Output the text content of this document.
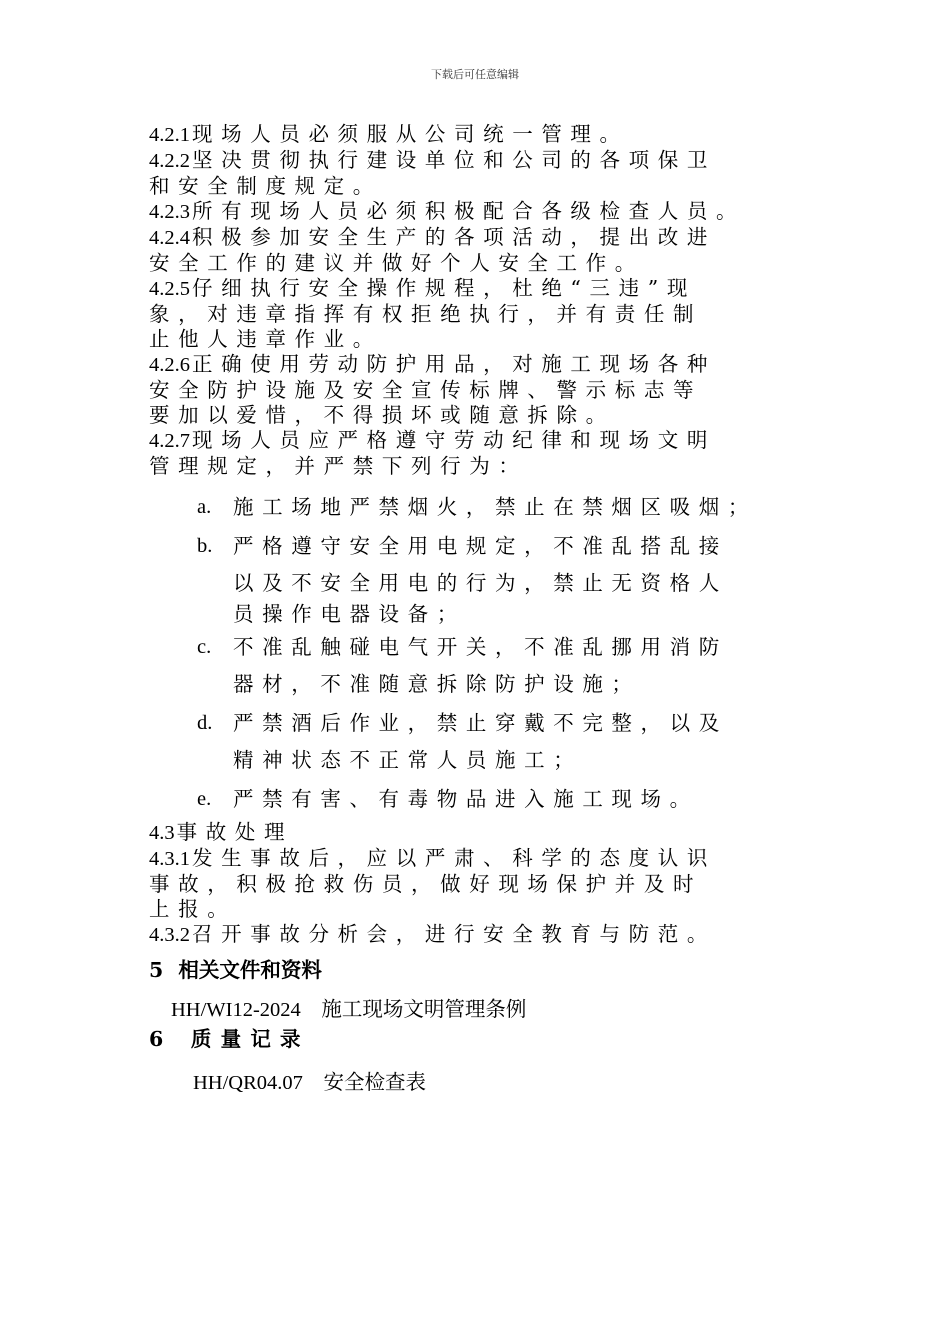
下载后可任意编辑
4.2.1现场人员必须服从公司统一管理。
4.2.2坚决贯彻执行建设单位和公司的各项保卫
和安全制度规定。
4.2.3所有现场人员必须积极配合各级检查人员。
4.2.4积极参加安全生产的各项活动，提出改进
安全工作的建议并做好个人安全工作。
4.2.5仔细执行安全操作规程，杜绝“三违”现
象，对违章指挥有权拒绝执行，并有责任制
止他人违章作业。
4.2.6正确使用劳动防护用品，对施工现场各种
安全防护设施及安全宣传标牌、警示标志等
要加以爱惜，不得损坏或随意拆除。
4.2.7现场人员应严格遵守劳动纪律和现场文明
管理规定，并严禁下列行为：
a. 施工场地严禁烟火，禁止在禁烟区吸烟；
b. 严格遵守安全用电规定，不准乱搭乱接
以及不安全用电的行为，禁止无资格人
员操作电器设备；
c. 不准乱触碰电气开关，不准乱挪用消防
器材，不准随意拆除防护设施；
d. 严禁酒后作业，禁止穿戴不完整，以及
精神状态不正常人员施工；
e. 严禁有害、有毒物品进入施工现场。
4.3事故处理
4.3.1发生事故后，应以严肃、科学的态度认识
事故，积极抢救伤员，做好现场保护并及时
上报。
4.3.2召开事故分析会，进行安全教育与防范。
5 相关文件和资料
HH/WI12-2024 施工现场文明管理条例
6 质量记录
HH/QR04.07 安全检查表
